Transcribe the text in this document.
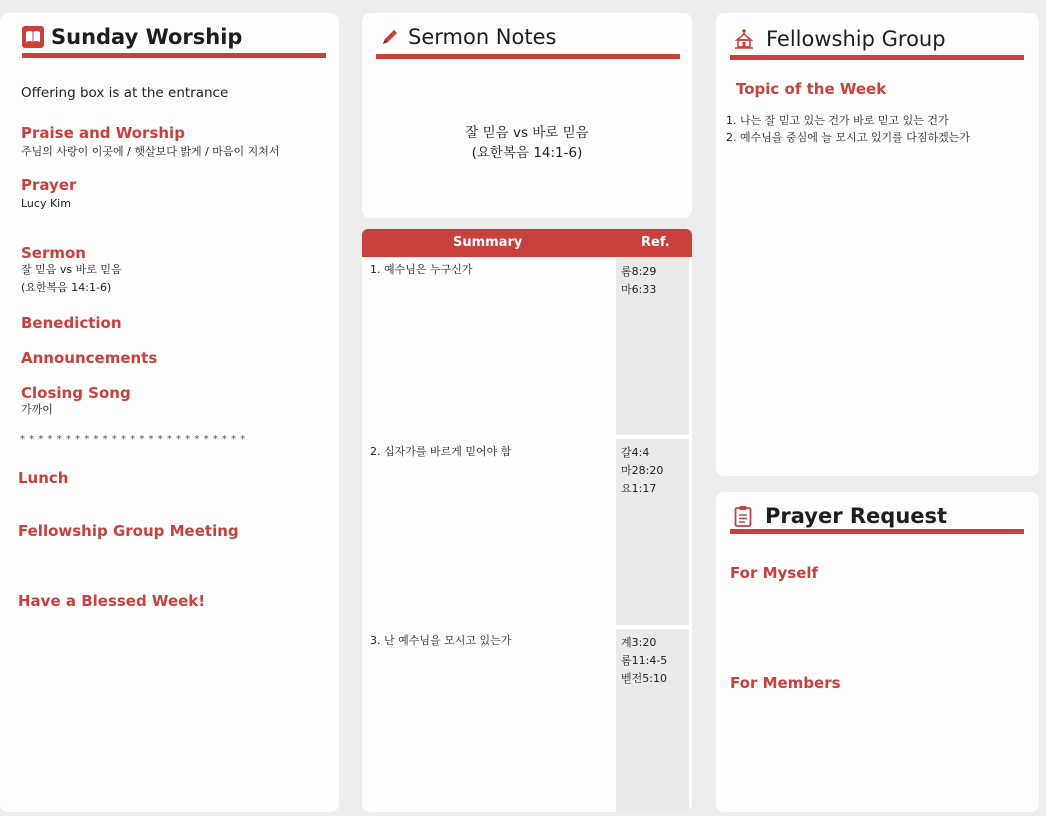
Sunday Worship
Offering box is at the entrance
Praise and Worship
주님의 사랑이 이곳에 / 햇살보다 밝게 / 마음이 지쳐서
Prayer
Lucy Kim
Sermon
잘 믿음 vs 바로 믿음
(요한복음 14:1-6)
Benediction
Announcements
Closing Song
가까이
* * * * * * * * * * * * * * * * * * * * * * * * *
Lunch
Fellowship Group Meeting
Have a Blessed Week!
Sermon Notes
잘 믿음 vs 바로 믿음
(요한복음 14:1-6)
Summary	Ref.
1. 예수님은 누구신가	롬8:29
마6:33
2. 십자가를 바르게 믿어야 함	갈4:4
마28:20
요1:17
3. 난 예수님을 모시고 있는가	계3:20
롬11:4-5
벧전5:10
Fellowship Group
Topic of the Week
1. 나는 잘 믿고 있는 건가 바로 믿고 있는 건가
2. 예수님을 중심에 늘 모시고 있기를 다짐하겠는가
Prayer Request
For Myself
For Members
